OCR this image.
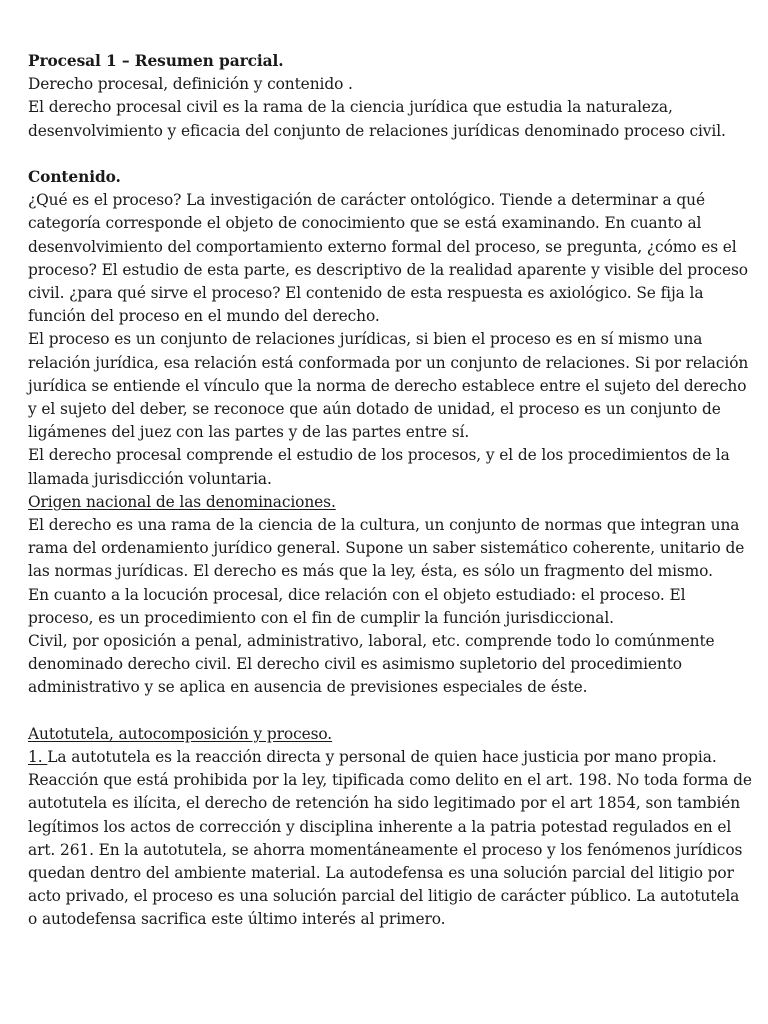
Procesal 1 – Resumen parcial.
Derecho procesal, definición y contenido .
El derecho procesal civil es la rama de la ciencia jurídica que estudia la naturaleza,
desenvolvimiento y eficacia del conjunto de relaciones jurídicas denominado proceso civil.
Contenido.
¿Qué es el proceso? La investigación de carácter ontológico. Tiende a determinar a qué
categoría corresponde el objeto de conocimiento que se está examinando. En cuanto al
desenvolvimiento del comportamiento externo formal del proceso, se pregunta, ¿cómo es el
proceso? El estudio de esta parte, es descriptivo de la realidad aparente y visible del proceso
civil. ¿para qué sirve el proceso? El contenido de esta respuesta es axiológico. Se fija la
función del proceso en el mundo del derecho.
El proceso es un conjunto de relaciones jurídicas, si bien el proceso es en sí mismo una
relación jurídica, esa relación está conformada por un conjunto de relaciones. Si por relación
jurídica se entiende el vínculo que la norma de derecho establece entre el sujeto del derecho
y el sujeto del deber, se reconoce que aún dotado de unidad, el proceso es un conjunto de
ligámenes del juez con las partes y de las partes entre sí.
El derecho procesal comprende el estudio de los procesos, y el de los procedimientos de la
llamada jurisdicción voluntaria.
Origen nacional de las denominaciones.
El derecho es una rama de la ciencia de la cultura, un conjunto de normas que integran una
rama del ordenamiento jurídico general. Supone un saber sistemático coherente, unitario de
las normas jurídicas. El derecho es más que la ley, ésta, es sólo un fragmento del mismo.
En cuanto a la locución procesal, dice relación con el objeto estudiado: el proceso. El
proceso, es un procedimiento con el fin de cumplir la función jurisdiccional.
Civil, por oposición a penal, administrativo, laboral, etc. comprende todo lo comúnmente
denominado derecho civil. El derecho civil es asimismo supletorio del procedimiento
administrativo y se aplica en ausencia de previsiones especiales de éste.
Autotutela, autocomposición y proceso.
1. La autotutela es la reacción directa y personal de quien hace justicia por mano propia.
Reacción que está prohibida por la ley, tipificada como delito en el art. 198. No toda forma de
autotutela es ilícita, el derecho de retención ha sido legitimado por el art 1854, son también
legítimos los actos de corrección y disciplina inherente a la patria potestad regulados en el
art. 261. En la autotutela, se ahorra momentáneamente el proceso y los fenómenos jurídicos
quedan dentro del ambiente material. La autodefensa es una solución parcial del litigio por
acto privado, el proceso es una solución parcial del litigio de carácter público. La autotutela
o autodefensa sacrifica este último interés al primero.
